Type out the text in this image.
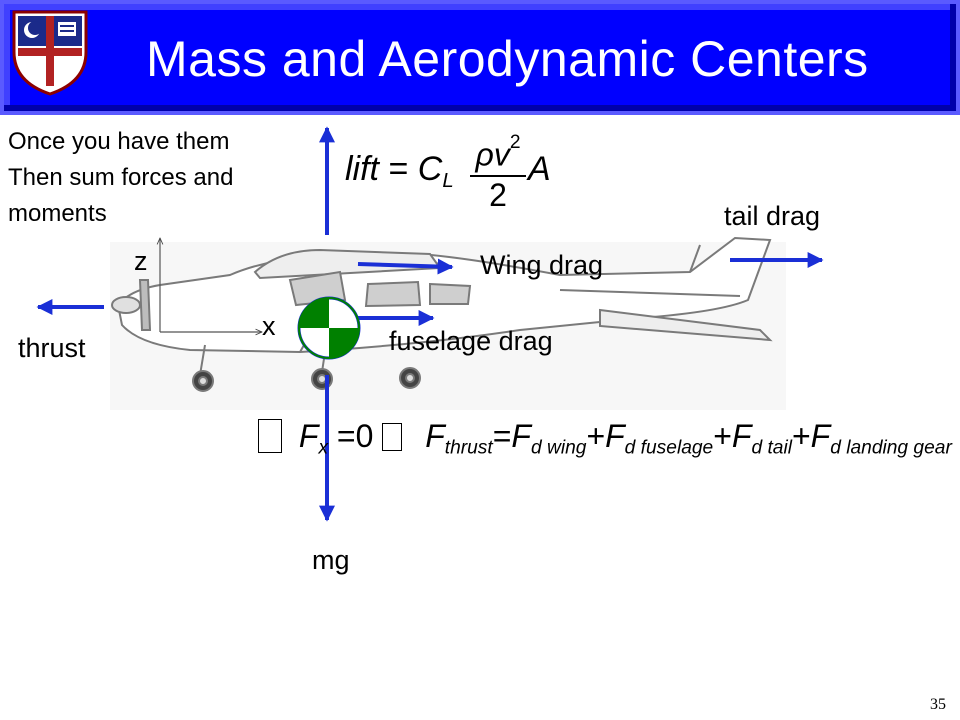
Mass and Aerodynamic Centers
Once you have them
Then sum forces and
moments	tail drag
Wing drag
fuselage drag
thrust
mg
z
x
lift = $C_L \frac{\rho v^2}{2}$ A
$F_x =0$ $F_{thrust}=F_{d wing}+F_{d fuselage}+F_{d tail}+F_{d landing gear}$
35
